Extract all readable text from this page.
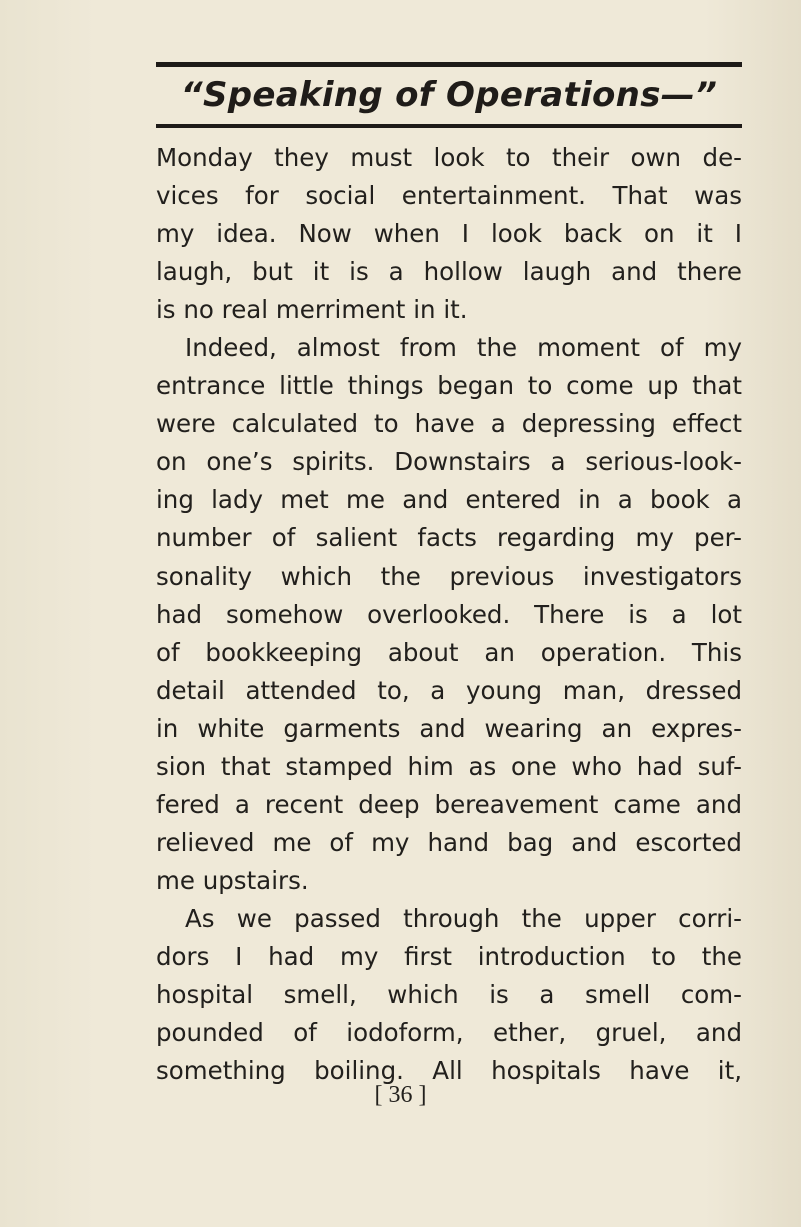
“Speaking of Operations—”
Monday they must look to their own de-
vices for social entertainment. That was
my idea. Now when I look back on it I
laugh, but it is a hollow laugh and there
is no real merriment in it.
Indeed, almost from the moment of my
entrance little things began to come up that
were calculated to have a depressing effect
on one’s spirits. Downstairs a serious-look-
ing lady met me and entered in a book a
number of salient facts regarding my per-
sonality which the previous investigators
had somehow overlooked. There is a lot
of bookkeeping about an operation. This
detail attended to, a young man, dressed
in white garments and wearing an expres-
sion that stamped him as one who had suf-
fered a recent deep bereavement came and
relieved me of my hand bag and escorted
me upstairs.
As we passed through the upper corri-
dors I had my first introduction to the
hospital smell, which is a smell com-
pounded of iodoform, ether, gruel, and
something boiling. All hospitals have it,
[ 36 ]
